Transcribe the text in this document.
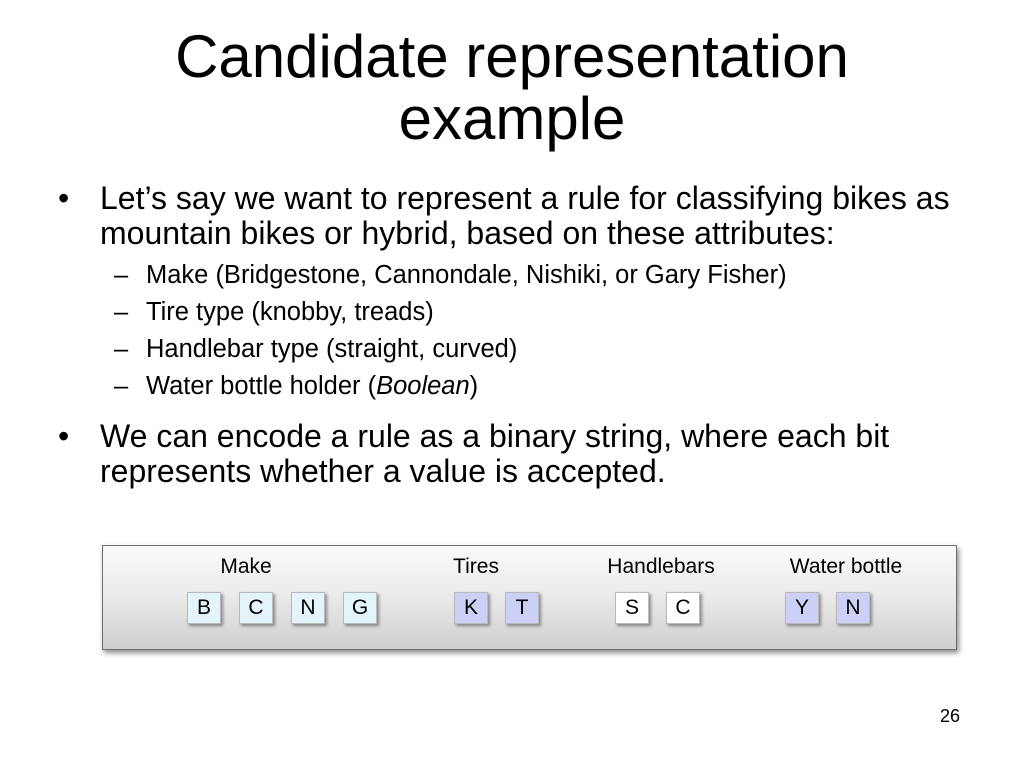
Candidate representation
example
• Let’s say we want to represent a rule for classifying bikes as mountain bikes or hybrid, based on these attributes:
– Make (Bridgestone, Cannondale, Nishiki, or Gary Fisher)
– Tire type (knobby, treads)
– Handlebar type (straight, curved)
– Water bottle holder (Boolean)
• We can encode a rule as a binary string, where each bit represents whether a value is accepted.
Make	Tires	Handlebars	Water bottle
B	C	N	G	K	T	S	C	Y	N
26
